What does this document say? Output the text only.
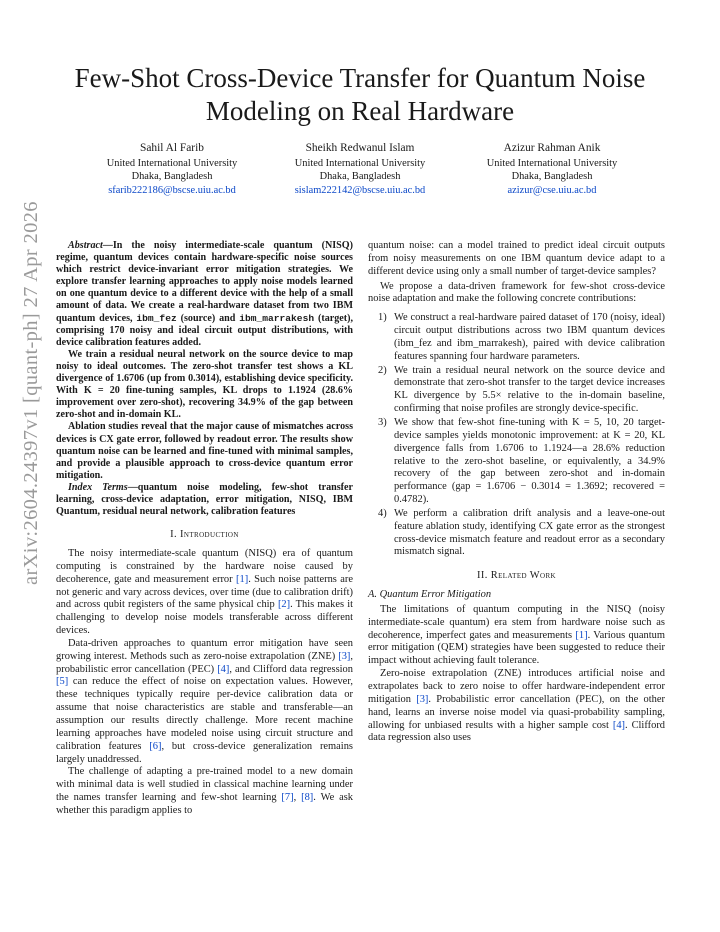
Few-Shot Cross-Device Transfer for Quantum Noise
Modeling on Real Hardware
Sahil Al Farib
United International University
Dhaka, Bangladesh
sfarib222186@bscse.uiu.ac.bd
Sheikh Redwanul Islam
United International University
Dhaka, Bangladesh
sislam222142@bscse.uiu.ac.bd
Azizur Rahman Anik
United International University
Dhaka, Bangladesh
azizur@cse.uiu.ac.bd
arXiv:2604.24397v1 [quant-ph] 27 Apr 2026	Abstract—In the noisy intermediate-scale quantum (NISQ) regime, quantum devices contain hardware-specific noise sources which restrict device-invariant error mitigation strategies. We explore transfer learning approaches to apply noise models learned on one quantum device to a different device with the help of a small amount of data. We create a real-hardware dataset from two IBM quantum devices, ibm_fez (source) and ibm_marrakesh (target), comprising 170 noisy and ideal circuit output distributions, with device calibration features added.

We train a residual neural network on the source device to map noisy to ideal outcomes. The zero-shot transfer test shows a KL divergence of 1.6706 (up from 0.3014), establishing device specificity. With K = 20 fine-tuning samples, KL drops to 1.1924 (28.6% improvement over zero-shot), recovering 34.9% of the gap between zero-shot and in-domain KL.

Ablation studies reveal that the major cause of mismatches across devices is CX gate error, followed by readout error. The results show quantum noise can be learned and fine-tuned with minimal samples, and provide a plausible approach to cross-device quantum error mitigation.

Index Terms—quantum noise modeling, few-shot transfer learning, cross-device adaptation, error mitigation, NISQ, IBM Quantum, residual neural network, calibration features

I. Introduction

The noisy intermediate-scale quantum (NISQ) era of quantum computing is constrained by the hardware noise caused by decoherence, gate and measurement error [1]. Such noise patterns are not generic and vary across devices, over time (due to calibration drift) and across qubit registers of the same physical chip [2]. This makes it challenging to develop noise models transferable across different devices.

Data-driven approaches to quantum error mitigation have seen growing interest. Methods such as zero-noise extrapolation (ZNE) [3], probabilistic error cancellation (PEC) [4], and Clifford data regression [5] can reduce the effect of noise on expectation values. However, these techniques typically require per-device calibration data or assume that noise characteristics are stable and transferable—an assumption our results directly challenge. More recent machine learning approaches have modeled noise using circuit structure and calibration features [6], but cross-device generalization remains largely unaddressed.

The challenge of adapting a pre-trained model to a new domain with minimal data is well studied in classical machine learning under the names transfer learning and few-shot learning [7], [8]. We ask whether this paradigm applies to

quantum noise: can a model trained to predict ideal circuit outputs from noisy measurements on one IBM quantum device adapt to a different device using only a small number of target-device samples?

We propose a data-driven framework for few-shot cross-device noise adaptation and make the following concrete contributions:

1) We construct a real-hardware paired dataset of 170 (noisy, ideal) circuit output distributions across two IBM quantum devices (ibm_fez and ibm_marrakesh), paired with device calibration features spanning four hardware parameters.
2) We train a residual neural network on the source device and demonstrate that zero-shot transfer to the target device increases KL divergence by 5.5× relative to the in-domain baseline, confirming that noise profiles are strongly device-specific.
3) We show that few-shot fine-tuning with K = 5, 10, 20 target-device samples yields monotonic improvement: at K = 20, KL divergence falls from 1.6706 to 1.1924—a 28.6% reduction relative to the zero-shot baseline, or equivalently, a 34.9% recovery of the gap between zero-shot and in-domain performance (gap = 1.6706 − 0.3014 = 1.3692; recovered = 0.4782).
4) We perform a calibration drift analysis and a leave-one-out feature ablation study, identifying CX gate error as the strongest cross-device mismatch feature and readout error as a secondary mismatch signal.
II. Related Work
A. Quantum Error Mitigation

The limitations of quantum computing in the NISQ (noisy intermediate-scale quantum) era stem from hardware noise such as decoherence, imperfect gates and measurements [1]. Various quantum error mitigation (QEM) strategies have been suggested to reduce their impact without achieving fault tolerance.

Zero-noise extrapolation (ZNE) introduces artificial noise and extrapolates back to zero noise to offer hardware-independent error mitigation [3]. Probabilistic error cancellation (PEC), on the other hand, learns an inverse noise model via quasi-probability sampling, allowing for unbiased results with a higher sample cost [4]. Clifford data regression also uses
